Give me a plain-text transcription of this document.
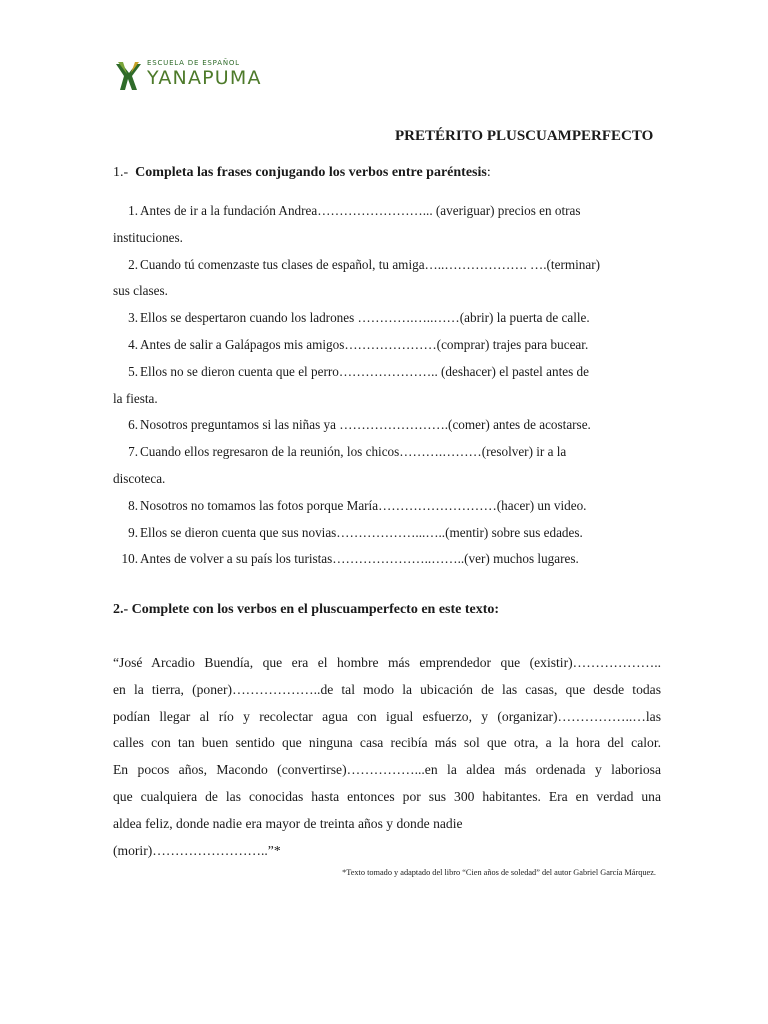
ESCUELA DE ESPAÑOL
YANAPUMA
PRETÉRITO PLUSCUAMPERFECTO
1.- Completa las frases conjugando los verbos entre paréntesis:
1. Antes de ir a la fundación Andrea……………………... (averiguar) precios en otras
instituciones.
2. Cuando tú comenzaste tus clases de español, tu amiga…..………………. ….(terminar)
sus clases.
3. Ellos se despertaron cuando los ladrones ………….…..……(abrir) la puerta de calle.
4. Antes de salir a Galápagos mis amigos…………………(comprar) trajes para bucear.
5. Ellos no se dieron cuenta que el perro………………….. (deshacer) el pastel antes de
la fiesta.
6. Nosotros preguntamos si las niñas ya …………………….(comer) antes de acostarse.
7. Cuando ellos regresaron de la reunión, los chicos……….………(resolver) ir a la
discoteca.
8. Nosotros no tomamos las fotos porque María………………………(hacer) un video.
9. Ellos se dieron cuenta que sus novias………………...…..(mentir) sobre sus edades.
10. Antes de volver a su país los turistas…………………..……..(ver) muchos lugares.
2.- Complete con los verbos en el pluscuamperfecto en este texto:
“José Arcadio Buendía, que era el hombre más emprendedor que (existir)………………..
en la tierra, (poner)………………..de tal modo la ubicación de las casas, que desde todas
podían llegar al río y recolectar agua con igual esfuerzo, y (organizar)……………..…las
calles con tan buen sentido que ninguna casa recibía más sol que otra, a la hora del calor.
En pocos años, Macondo (convertirse)……………...en la aldea más ordenada y laboriosa
que cualquiera de las conocidas hasta entonces por sus 300 habitantes. Era en verdad una
aldea feliz, donde nadie era mayor de treinta años y donde nadie
(morir)……………………..”*
*Texto tomado y adaptado del libro “Cien años de soledad” del autor Gabriel García Márquez.
